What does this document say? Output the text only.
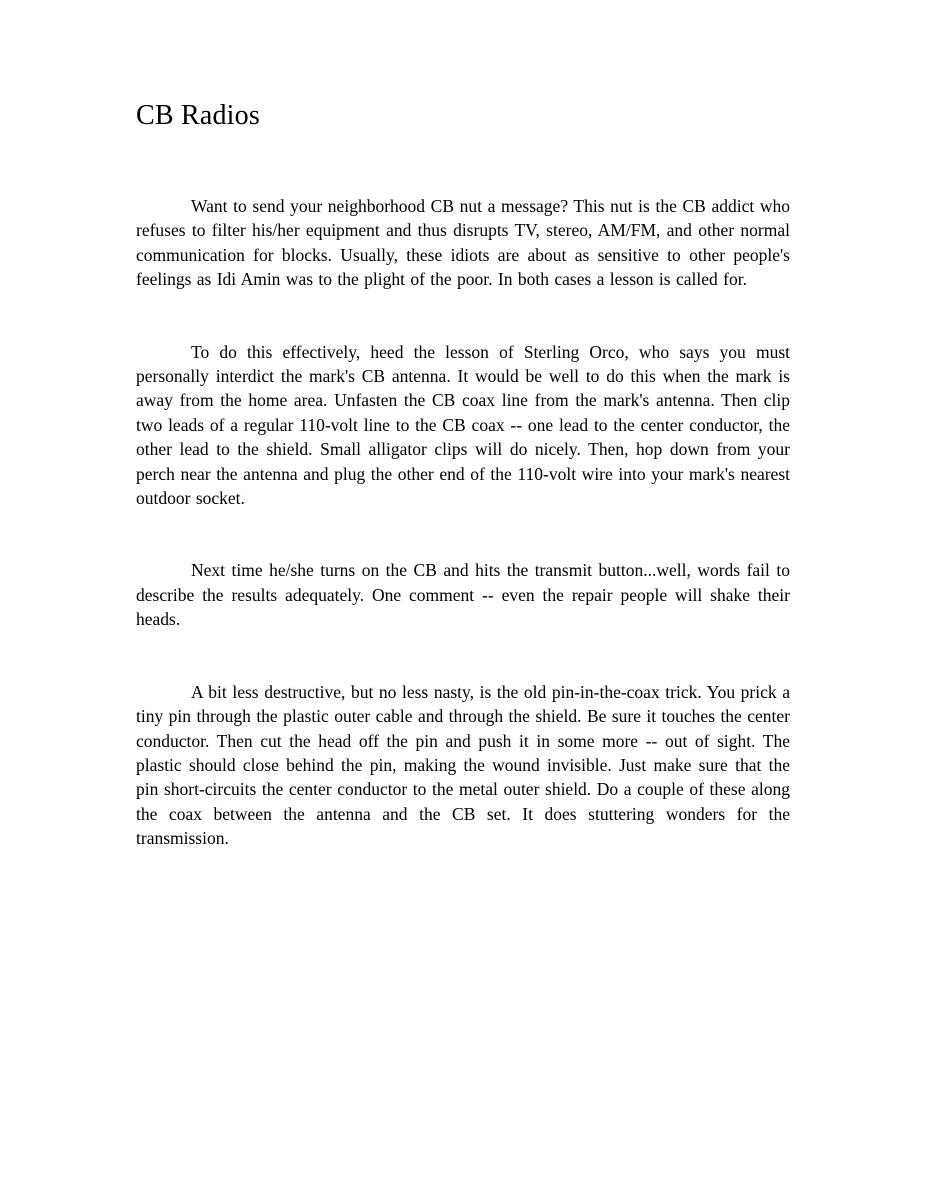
CB Radios

Want to send your neighborhood CB nut a message? This nut is the CB addict who refuses to filter his/her equipment and thus disrupts TV, stereo, AM/FM, and other normal communication for blocks. Usually, these idiots are about as sensitive to other people's feelings as Idi Amin was to the plight of the poor. In both cases a lesson is called for.

To do this effectively, heed the lesson of Sterling Orco, who says you must personally interdict the mark's CB antenna. It would be well to do this when the mark is away from the home area. Unfasten the CB coax line from the mark's antenna. Then clip two leads of a regular 110-volt line to the CB coax -- one lead to the center conductor, the other lead to the shield. Small alligator clips will do nicely. Then, hop down from your perch near the antenna and plug the other end of the 110-volt wire into your mark's nearest outdoor socket.

Next time he/she turns on the CB and hits the transmit button...well, words fail to describe the results adequately. One comment -- even the repair people will shake their heads.

A bit less destructive, but no less nasty, is the old pin-in-the-coax trick. You prick a tiny pin through the plastic outer cable and through the shield. Be sure it touches the center conductor. Then cut the head off the pin and push it in some more -- out of sight. The plastic should close behind the pin, making the wound invisible. Just make sure that the pin short-circuits the center conductor to the metal outer shield. Do a couple of these along the coax between the antenna and the CB set. It does stuttering wonders for the transmission.
